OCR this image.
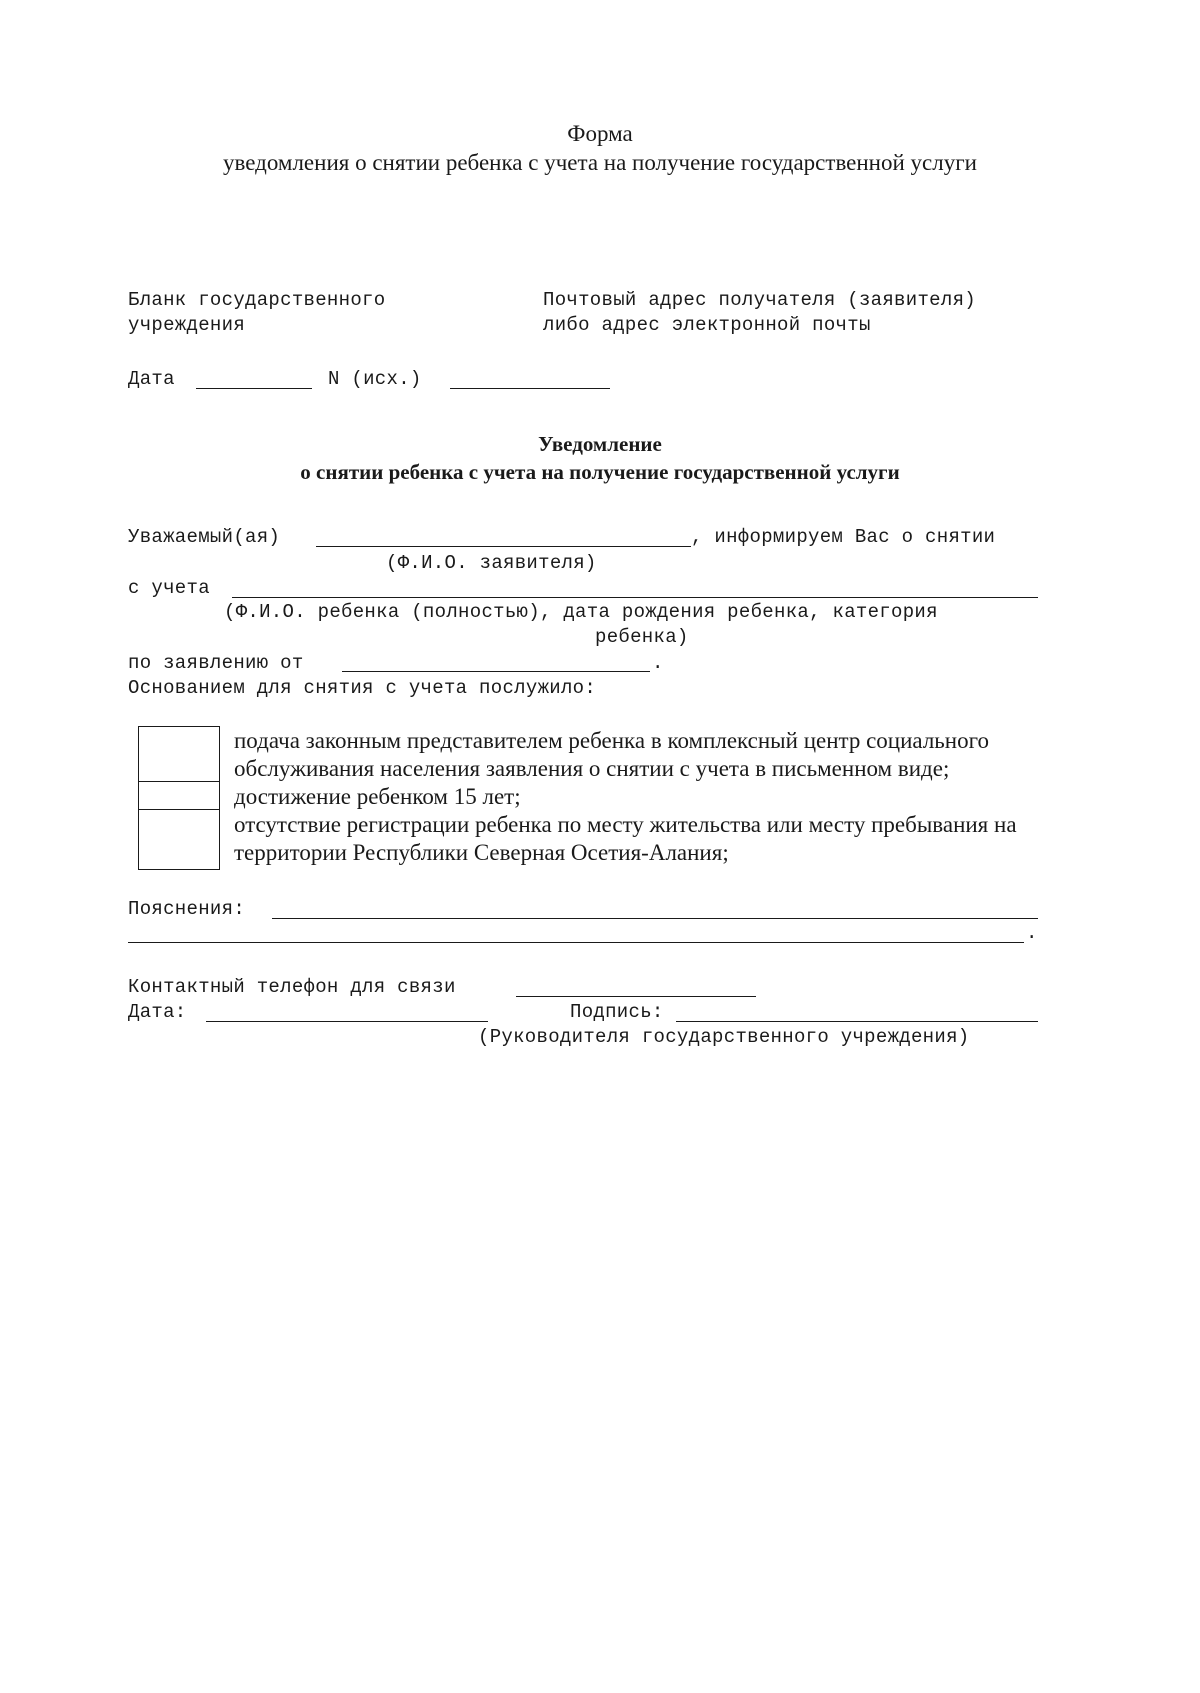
Форма
уведомления о снятии ребенка с учета на получение государственной услуги
Бланк государственного
учреждения
Почтовый адрес получателя (заявителя)
либо адрес электронной почты
Дата	N (исх.)
Уведомление
о снятии ребенка с учета на получение государственной услуги
Уважаемый(ая)	, информируем Вас о снятии
(Ф.И.О. заявителя)
с учета
(Ф.И.О. ребенка (полностью), дата рождения ребенка, категория
ребенка)
по заявлению от	.
Основанием для снятия с учета послужило:
подача законным представителем ребенка в комплексный центр социального
обслуживания населения заявления о снятии с учета в письменном виде;
достижение ребенком 15 лет;
отсутствие регистрации ребенка по месту жительства или месту пребывания на
территории Республики Северная Осетия-Алания;
Пояснения:
.
Контактный телефон для связи
Дата:	Подпись:
(Руководителя государственного учреждения)
